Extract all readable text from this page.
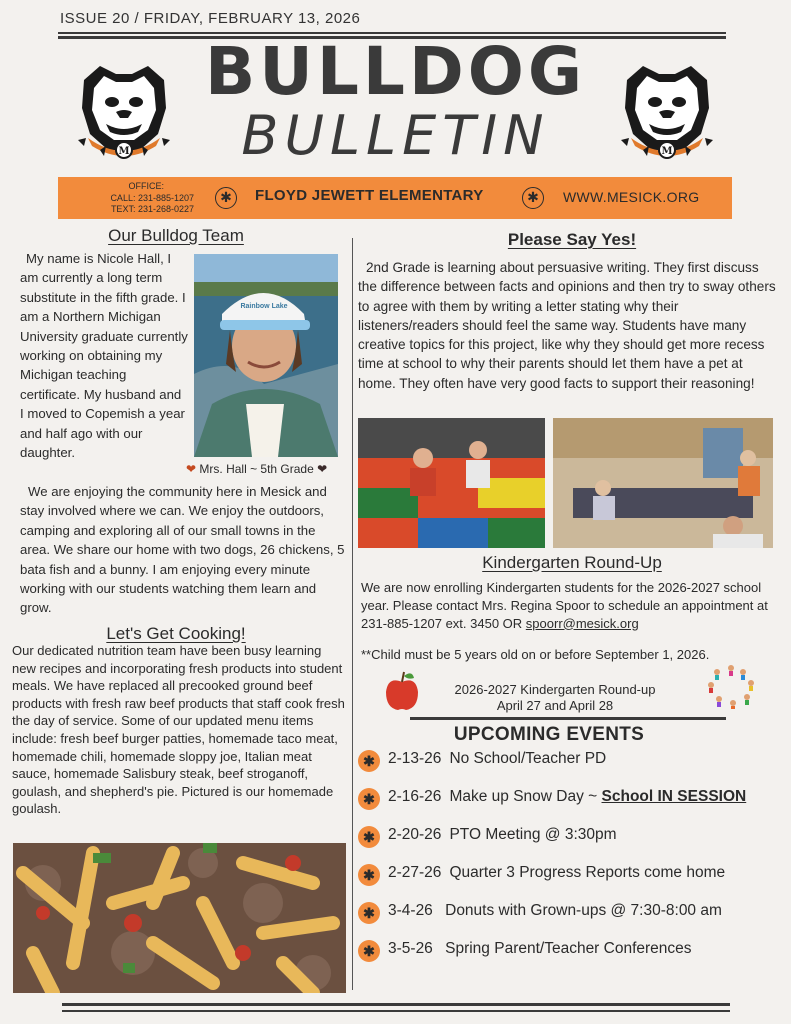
ISSUE 20 / FRIDAY, FEBRUARY 13, 2026
M	M
BULLDOG
BULLETIN
OFFICE:
CALL: 231-885-1207
TEXT: 231-268-0227
✱	FLOYD JEWETT ELEMENTARY	✱	WWW.MESICK.ORG
Our Bulldog Team
My name is Nicole Hall, I am currently a long term substitute in the fifth grade. I am a Northern Michigan University graduate currently working on obtaining my Michigan teaching certificate. My husband and I moved to Copemish a year and half ago with our daughter.
Rainbow Lake
❤ Mrs. Hall ~ 5th Grade ❤
We are enjoying the community here in Mesick and stay involved where we can. We enjoy the outdoors, camping and exploring all of our small towns in the area. We share our home with two dogs, 26 chickens, 5 bata fish and a bunny. I am enjoying every minute working with our students watching them learn and grow.
Let's Get Cooking!
Our dedicated nutrition team have been busy learning new recipes and incorporating fresh products into student meals. We have replaced all precooked ground beef products with fresh raw beef products that staff cook fresh the day of service. Some of our updated menu items include: fresh beef burger patties, homemade taco meat, homemade chili, homemade sloppy joe, Italian meat sauce, homemade Salisbury steak, beef stroganoff, goulash, and shepherd's pie. Pictured is our homemade goulash.
Please Say Yes!
2nd Grade is learning about persuasive writing. They first discuss the difference between facts and opinions and then try to sway others to agree with them by writing a letter stating why their listeners/readers should feel the same way. Students have many creative topics for this project, like why they should get more recess time at school to why their parents should let them have a pet at home. They often have very good facts to support their reasoning!
Kindergarten Round-Up
We are now enrolling Kindergarten students for the 2026-2027 school year. Please contact Mrs. Regina Spoor to schedule an appointment at 231-885-1207 ext. 3450 OR spoorr@mesick.org
**Child must be 5 years old on or before September 1, 2026.
2026-2027 Kindergarten Round-up
April 27 and April 28
UPCOMING EVENTS
✱ 2-13-26 No School/Teacher PD
✱ 2-16-26 Make up Snow Day ~ School IN SESSION
✱ 2-20-26 PTO Meeting @ 3:30pm
✱ 2-27-26 Quarter 3 Progress Reports come home
✱ 3-4-26 Donuts with Grown-ups @ 7:30-8:00 am
✱ 3-5-26 Spring Parent/Teacher Conferences
